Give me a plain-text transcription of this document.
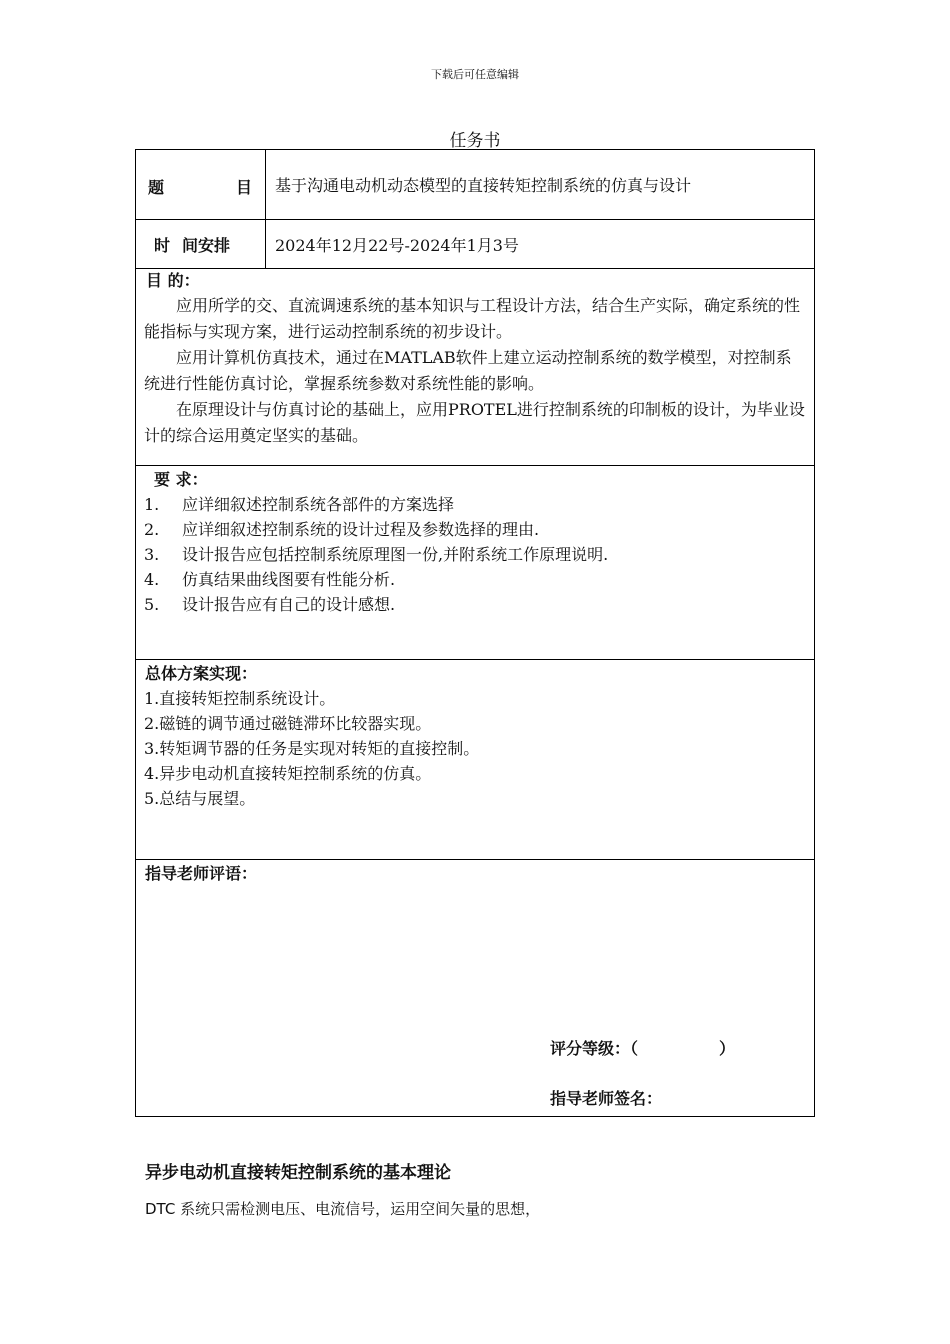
下载后可任意编辑
任务书
题	目 基于沟通电动机动态模型的直接转矩控制系统的仿真与设计
时 间安排	2024年12月22号-2024年1月3号
目 的：

应用所学的交、直流调速系统的基本知识与工程设计方法，结合生产实际，确定系统的性能指标与实现方案，进行运动控制系统的初步设计。

应用计算机仿真技术，通过在MATLAB软件上建立运动控制系统的数学模型，对控制系统进行性能仿真讨论，掌握系统参数对系统性能的影响。

在原理设计与仿真讨论的基础上，应用PROTEL进行控制系统的印制板的设计，为毕业设计的综合运用奠定坚实的基础。

要 求：

1. 应详细叙述控制系统各部件的方案选择

2. 应详细叙述控制系统的设计过程及参数选择的理由.

3. 设计报告应包括控制系统原理图一份,并附系统工作原理说明.

4. 仿真结果曲线图要有性能分析.

5. 设计报告应有自己的设计感想.

总体方案实现：

1.直接转矩控制系统设计。

2.磁链的调节通过磁链滞环比较器实现。

3.转矩调节器的任务是实现对转矩的直接控制。

4.异步电动机直接转矩控制系统的仿真。

5.总结与展望。

指导老师评语：
评分等级：（	）
指导老师签名：
异步电动机直接转矩控制系统的基本理论
DTC 系统只需检测电压、电流信号，运用空间矢量的思想，
